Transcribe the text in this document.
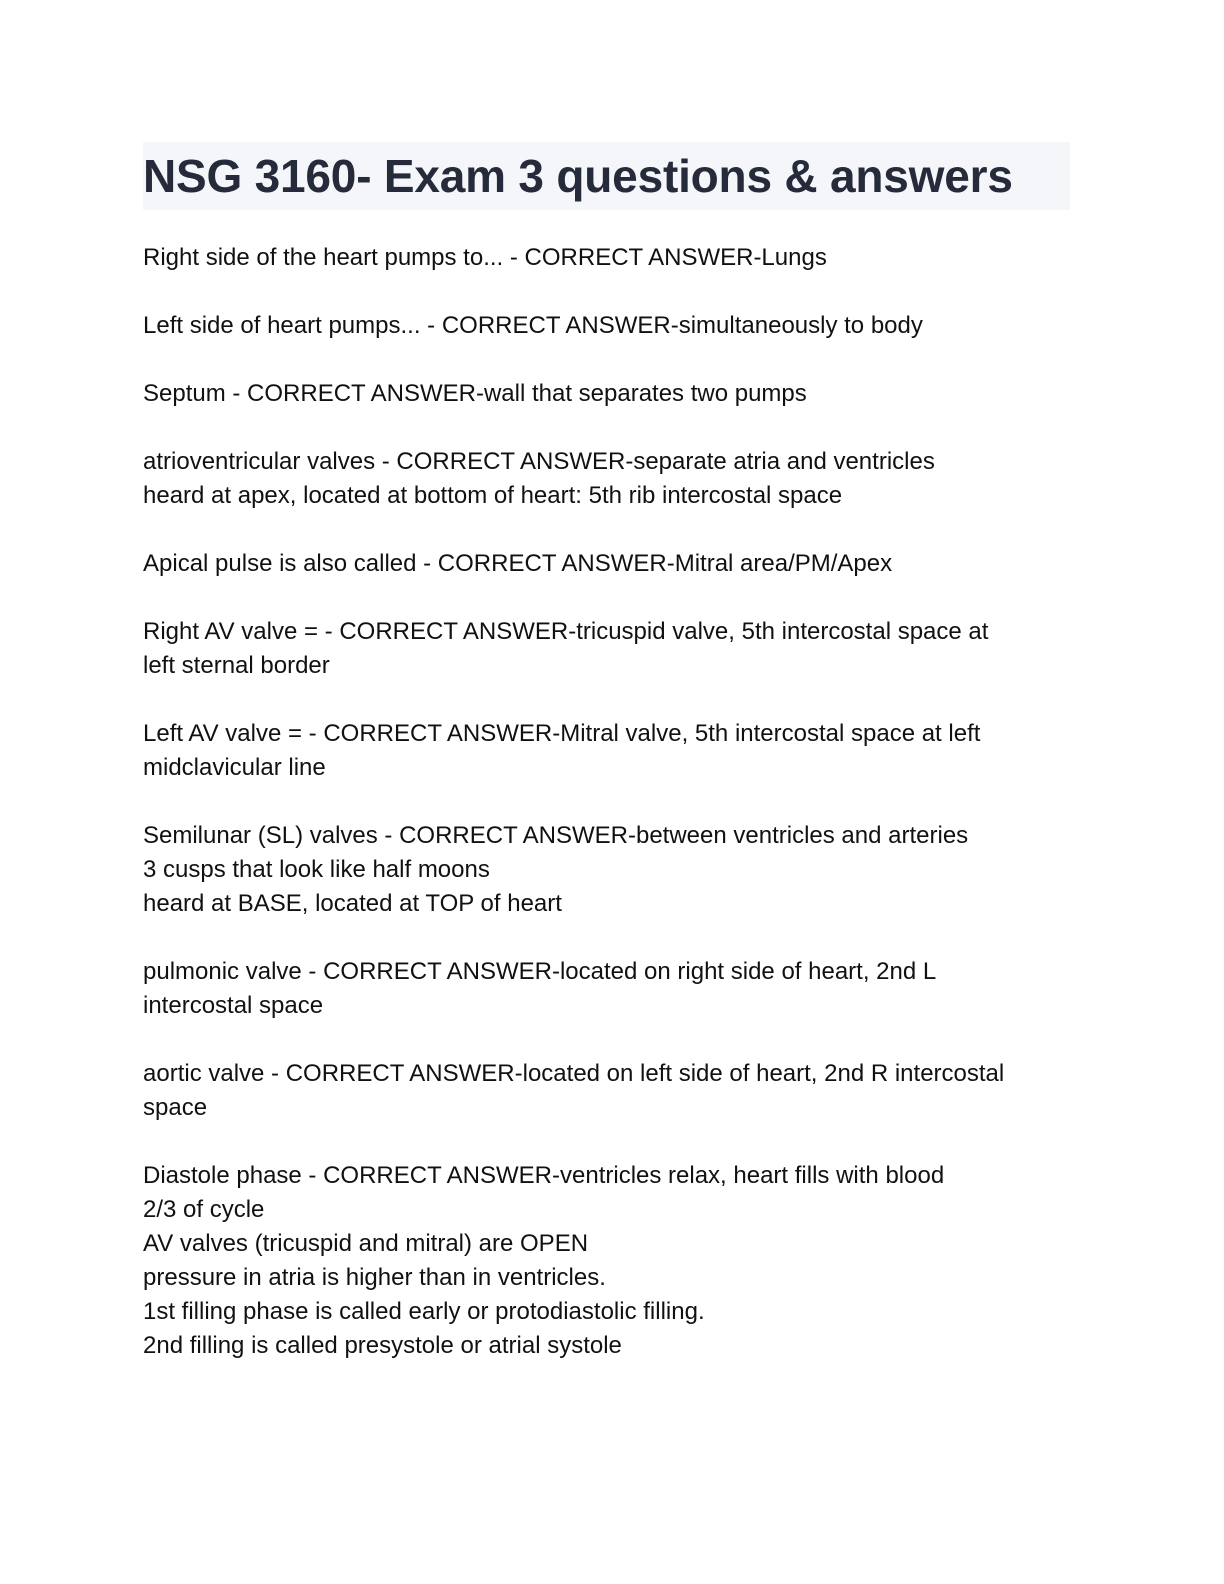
NSG 3160- Exam 3 questions & answers

Right side of the heart pumps to... - CORRECT ANSWER-Lungs

Left side of heart pumps... - CORRECT ANSWER-simultaneously to body

Septum - CORRECT ANSWER-wall that separates two pumps

atrioventricular valves - CORRECT ANSWER-separate atria and ventricles
heard at apex, located at bottom of heart: 5th rib intercostal space

Apical pulse is also called - CORRECT ANSWER-Mitral area/PM/Apex

Right AV valve = - CORRECT ANSWER-tricuspid valve, 5th intercostal space at
left sternal border

Left AV valve = - CORRECT ANSWER-Mitral valve, 5th intercostal space at left
midclavicular line

Semilunar (SL) valves - CORRECT ANSWER-between ventricles and arteries
3 cusps that look like half moons
heard at BASE, located at TOP of heart

pulmonic valve - CORRECT ANSWER-located on right side of heart, 2nd L
intercostal space

aortic valve - CORRECT ANSWER-located on left side of heart, 2nd R intercostal
space

Diastole phase - CORRECT ANSWER-ventricles relax, heart fills with blood
2/3 of cycle
AV valves (tricuspid and mitral) are OPEN
pressure in atria is higher than in ventricles.
1st filling phase is called early or protodiastolic filling.
2nd filling is called presystole or atrial systole
